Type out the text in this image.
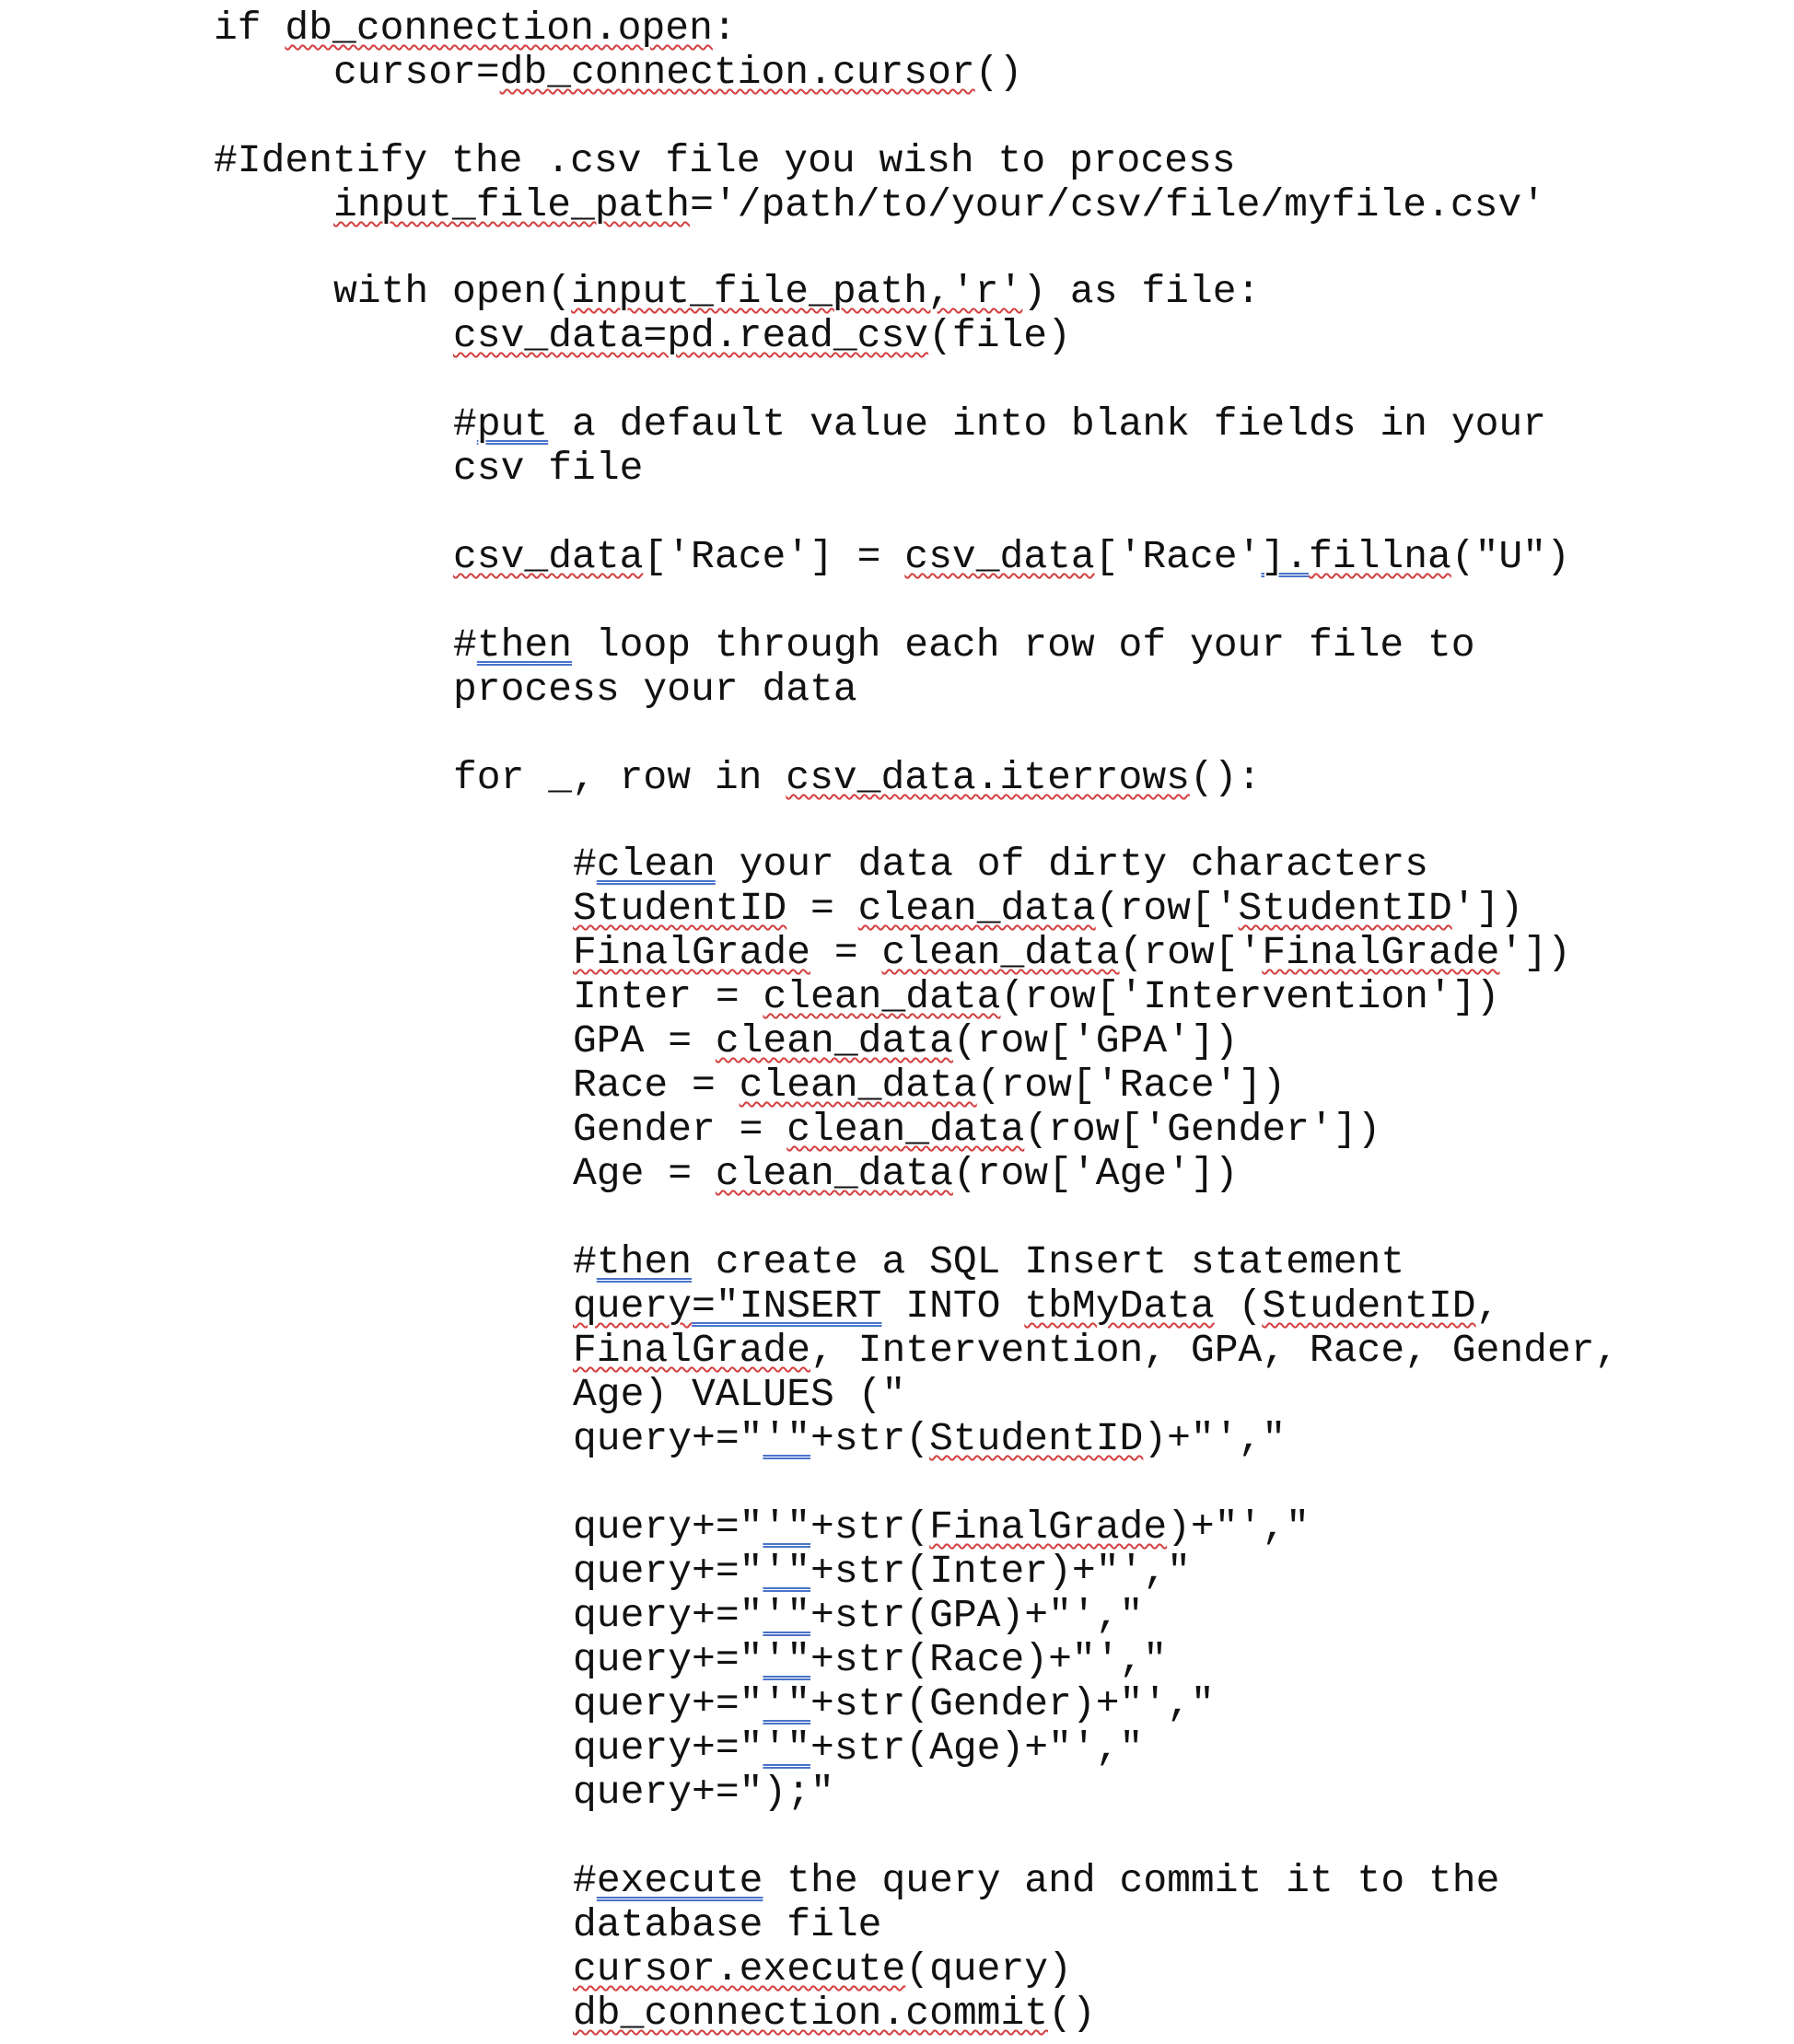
if db_connection.open:
cursor=db_connection.cursor()
#Identify the .csv file you wish to process
input_file_path='/path/to/your/csv/file/myfile.csv'
with open(input_file_path,'r') as file:
csv_data=pd.read_csv(file)
#put a default value into blank fields in your
csv file
csv_data['Race'] = csv_data['Race'].fillna("U")
#then loop through each row of your file to
process your data
for _, row in csv_data.iterrows():
#clean your data of dirty characters
StudentID = clean_data(row['StudentID'])
FinalGrade = clean_data(row['FinalGrade'])
Inter = clean_data(row['Intervention'])
GPA = clean_data(row['GPA'])
Race = clean_data(row['Race'])
Gender = clean_data(row['Gender'])
Age = clean_data(row['Age'])
#then create a SQL Insert statement
query="INSERT INTO tbMyData (StudentID,
FinalGrade, Intervention, GPA, Race, Gender,
Age) VALUES ("
query+="'"+str(StudentID)+"',"
query+="'"+str(FinalGrade)+"',"
query+="'"+str(Inter)+"',"
query+="'"+str(GPA)+"',"
query+="'"+str(Race)+"',"
query+="'"+str(Gender)+"',"
query+="'"+str(Age)+"',"
query+=");"
#execute the query and commit it to the
database file
cursor.execute(query)
db_connection.commit()
